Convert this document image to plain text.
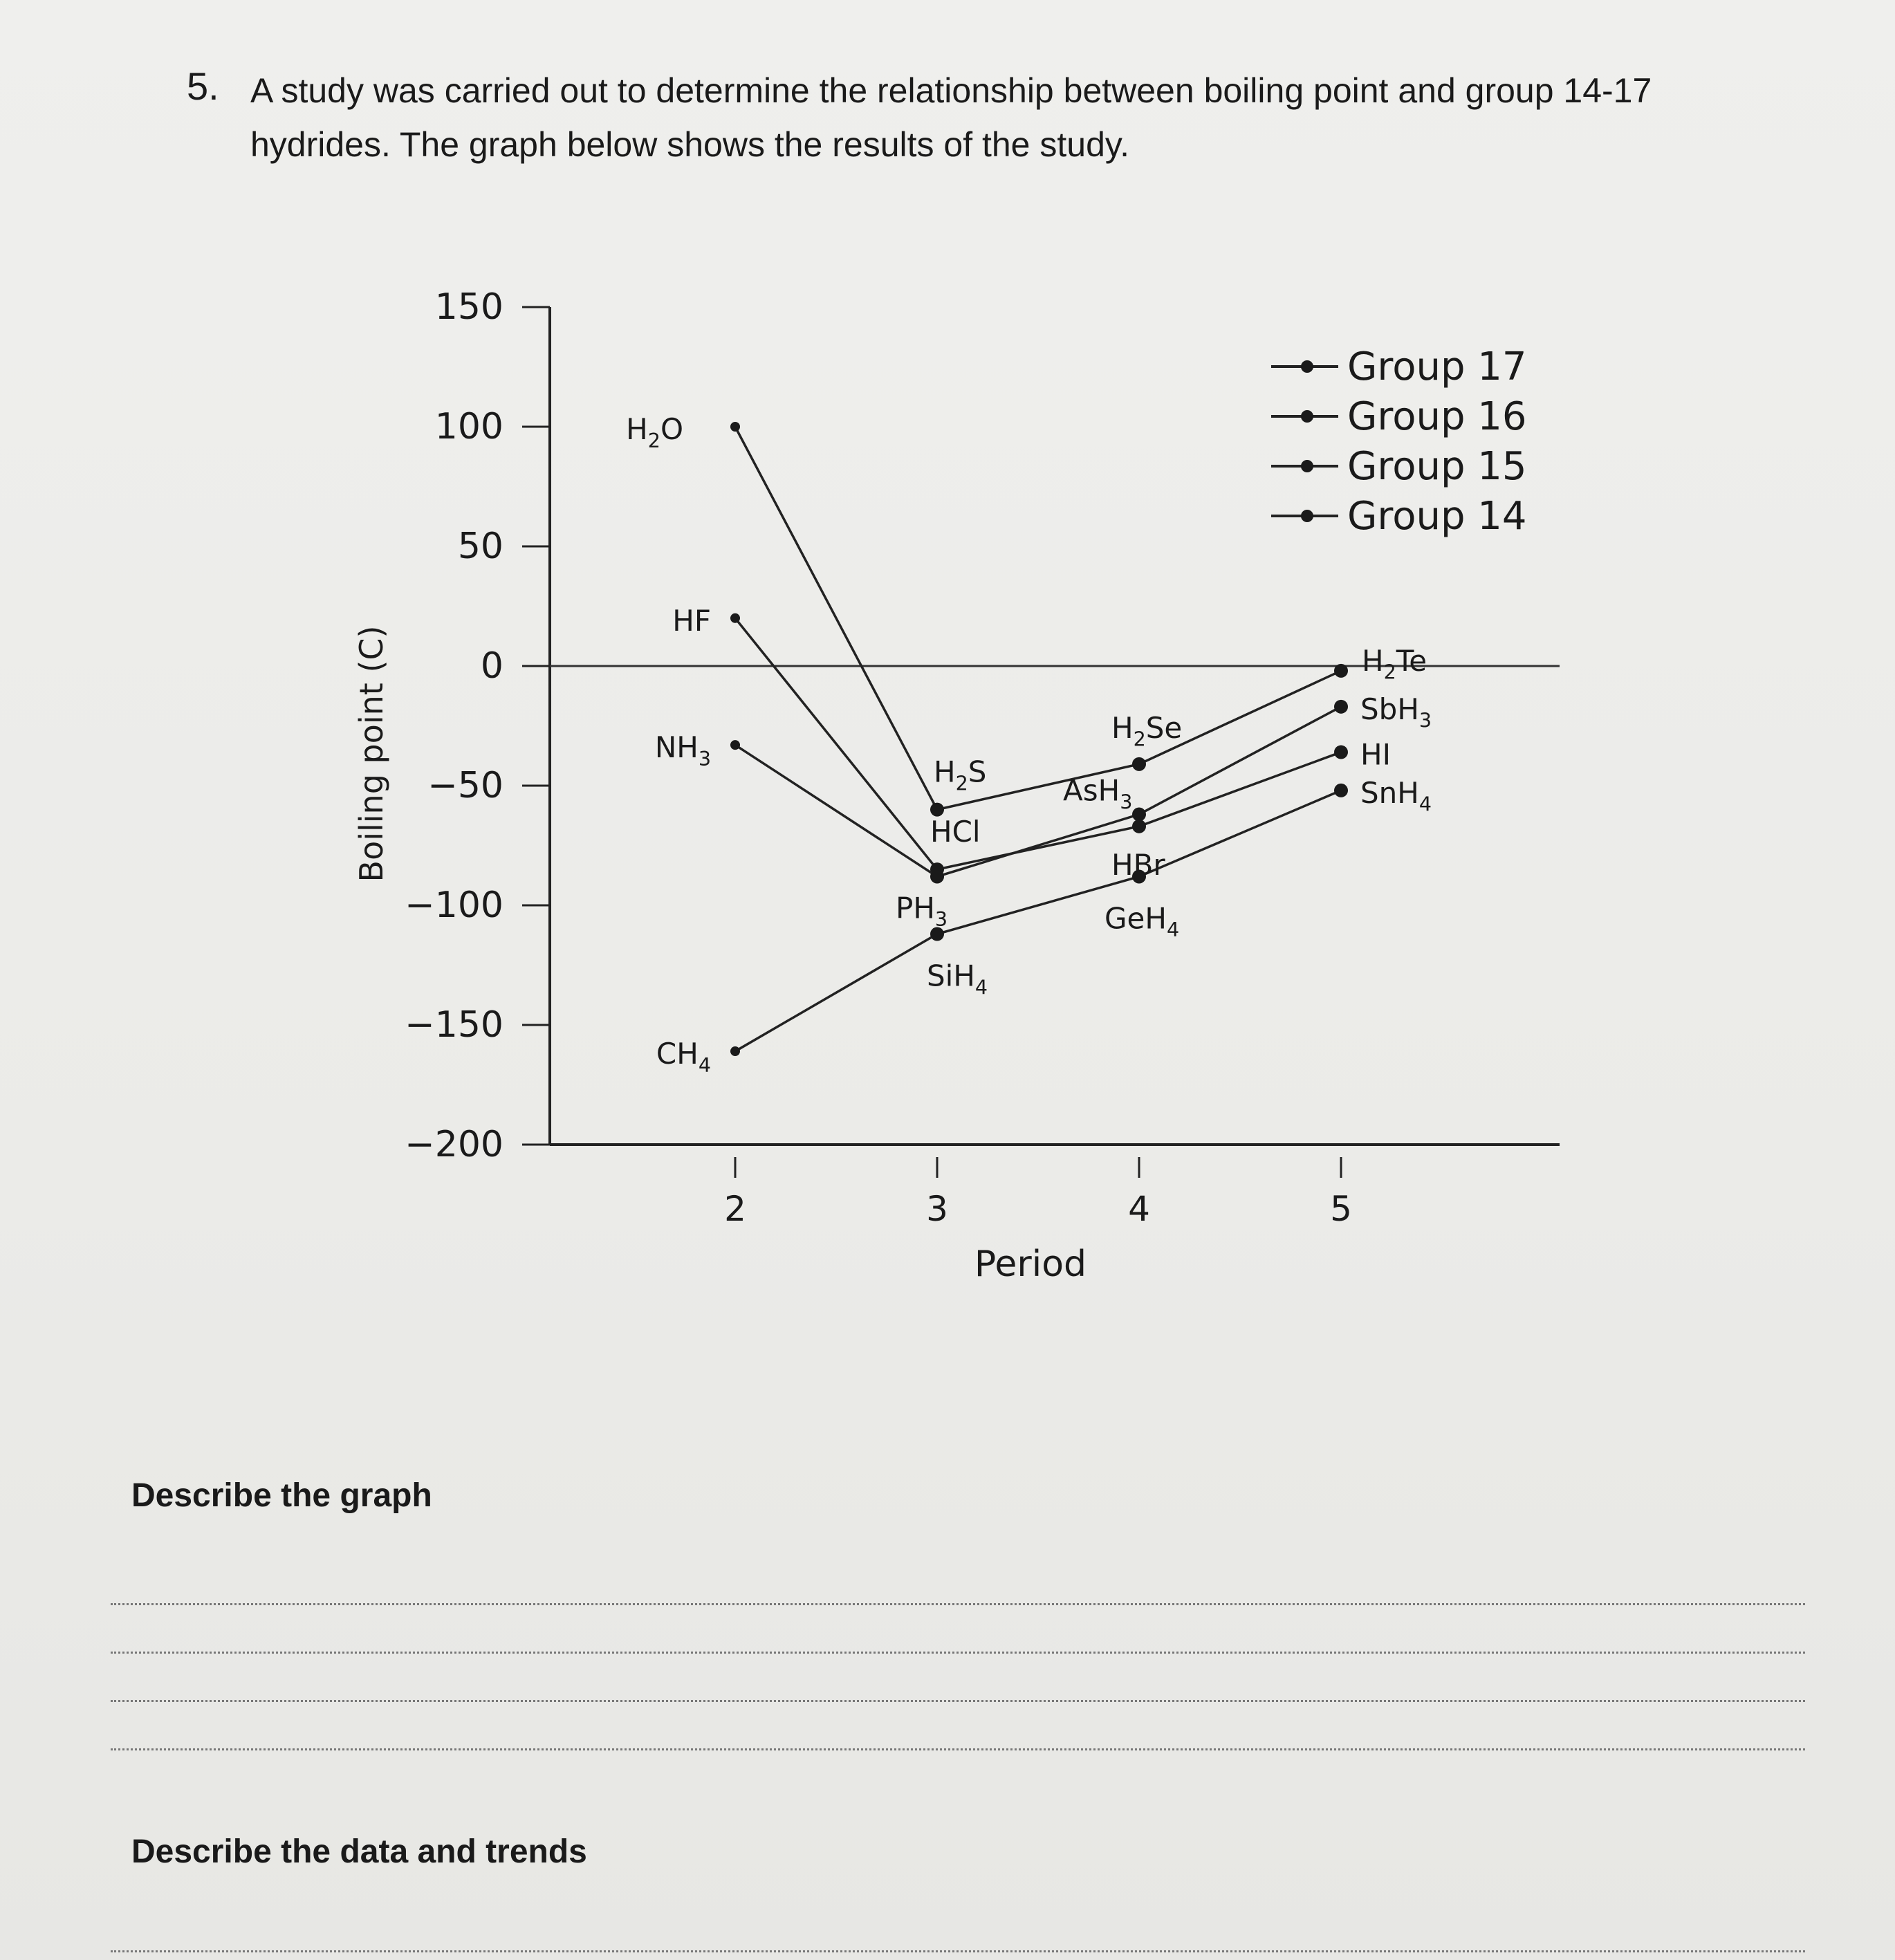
5. A study was carried out to determine the relationship between boiling point and group 14-17
hydrides. The graph below shows the results of the study.
150
100
50
0
−50
−100
−150
−200
2	3	4	5
Period
Boiling point (C)
$H_2O$
$H_2S$
$H_2Se$
$H_2Te$
HF
HCl
HBr
HI
$NH_3$
$PH_3$
AsH$_3$
SbH$_3$
$CH_4$
SiH$_4$
GeH$_4$
SnH$_4$
Group 17
Group 16
Group 15
Group 14
Describe the graph
Describe the data and trends
